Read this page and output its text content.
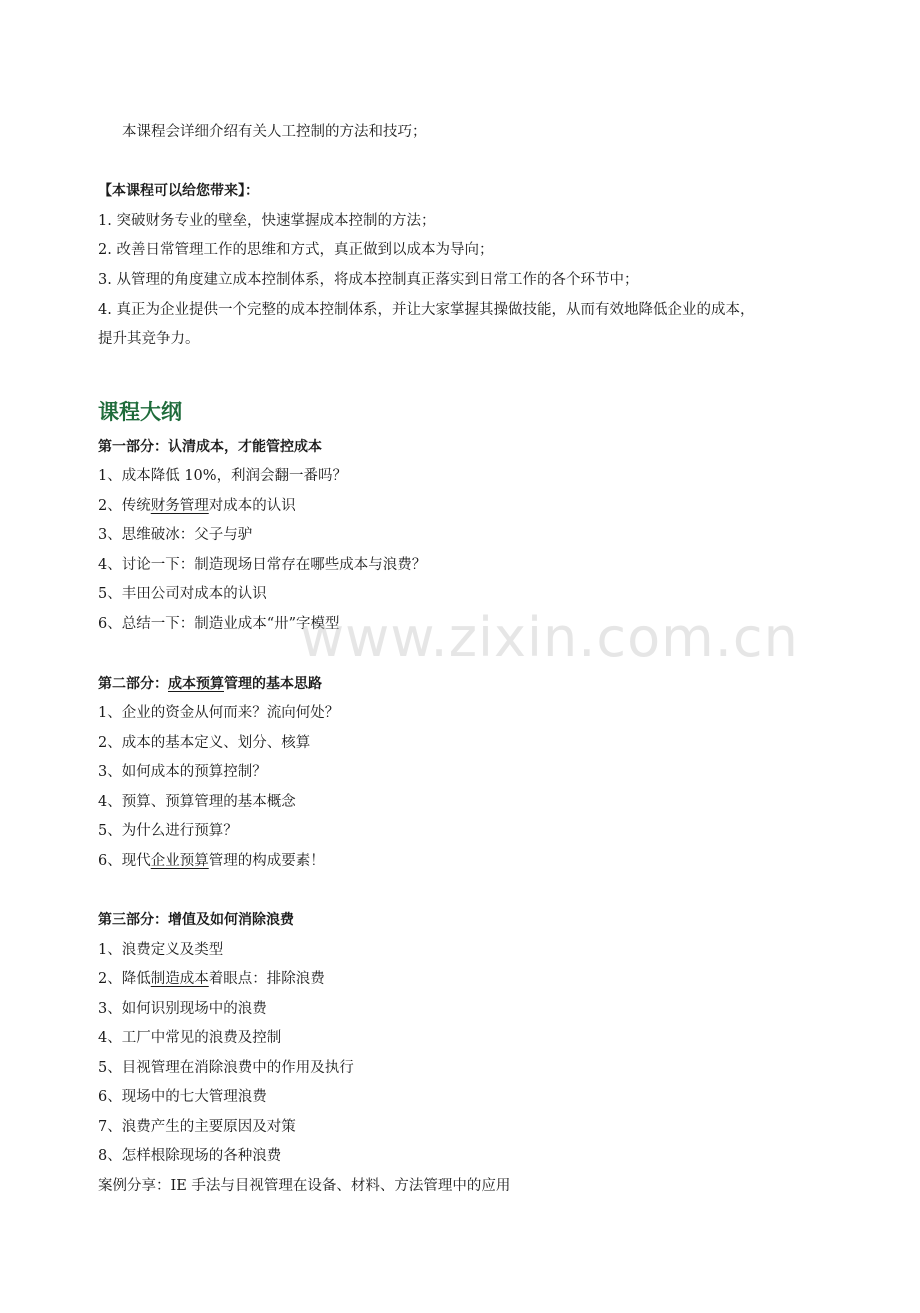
本课程会详细介绍有关人工控制的方法和技巧；
【本课程可以给您带来】：
1. 突破财务专业的壁垒，快速掌握成本控制的方法；
2. 改善日常管理工作的思维和方式，真正做到以成本为导向；
3. 从管理的角度建立成本控制体系，将成本控制真正落实到日常工作的各个环节中；
4. 真正为企业提供一个完整的成本控制体系，并让大家掌握其操做技能，从而有效地降低企业的成本，
提升其竞争力。
课程大纲
第一部分：认清成本，才能管控成本
1、成本降低 10%，利润会翻一番吗？
2、传统财务管理对成本的认识
3、思维破冰：父子与驴
4、讨论一下：制造现场日常存在哪些成本与浪费？
5、丰田公司对成本的认识
6、总结一下：制造业成本“卅”字模型
第二部分：成本预算管理的基本思路
1、企业的资金从何而来？流向何处？
2、成本的基本定义、划分、核算
3、如何成本的预算控制？
4、预算、预算管理的基本概念
5、为什么进行预算？
6、现代企业预算管理的构成要素！
第三部分：增值及如何消除浪费
1、浪费定义及类型
2、降低制造成本着眼点：排除浪费
3、如何识别现场中的浪费
4、工厂中常见的浪费及控制
5、目视管理在消除浪费中的作用及执行
6、现场中的七大管理浪费
7、浪费产生的主要原因及对策
8、怎样根除现场的各种浪费
案例分享：IE 手法与目视管理在设备、材料、方法管理中的应用
www.zixin.com.cn
